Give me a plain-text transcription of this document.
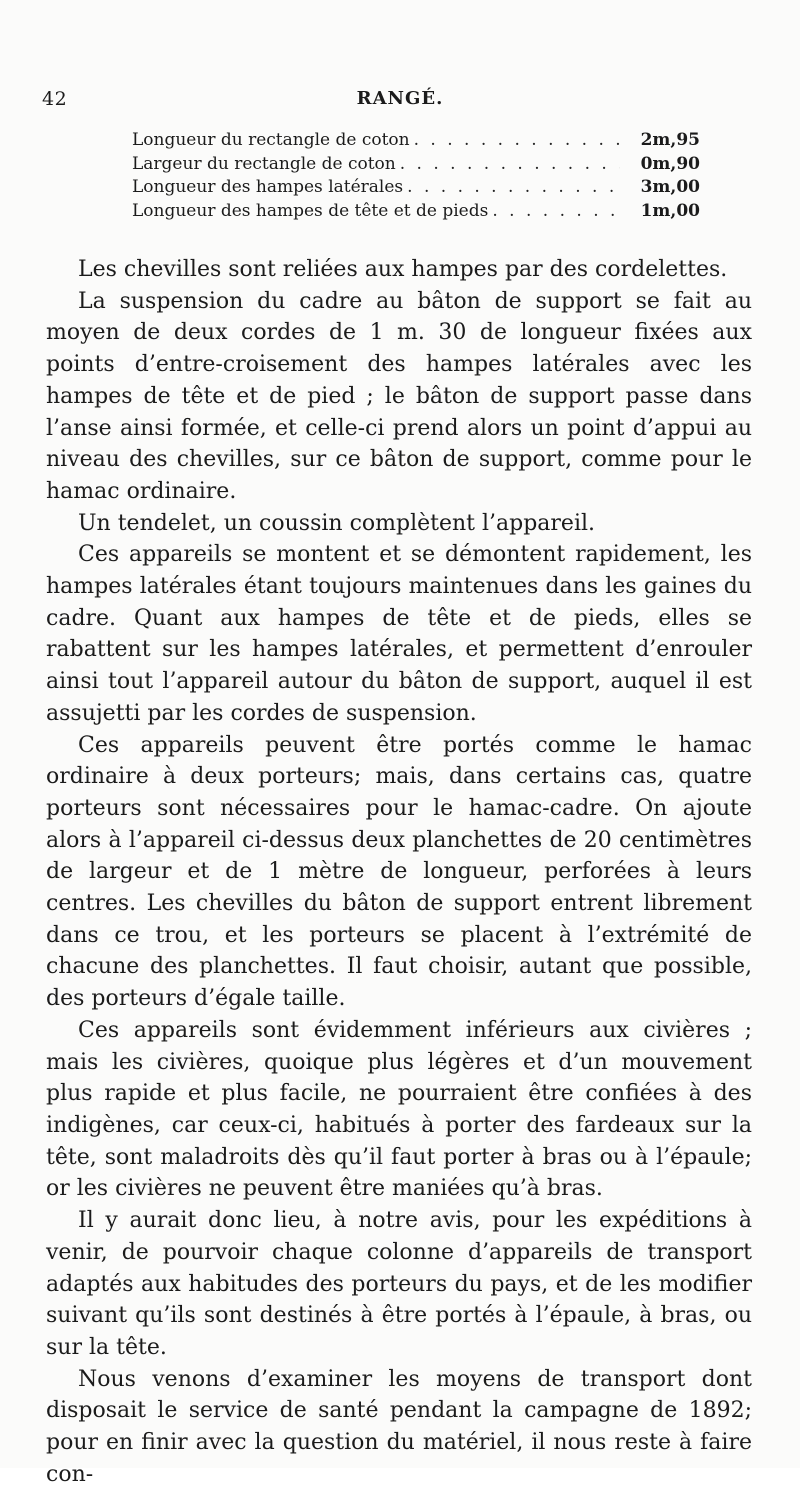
42	RANGÉ.
Longueur du rectangle de coton . . .	2m,95
Largeur du rectangle de coton . . .	0m,90
Longueur des hampes latérales . . .	3m,00
Longueur des hampes de tête et de pieds . . .	1m,00

Les chevilles sont reliées aux hampes par des cordelettes.

La suspension du cadre au bâton de support se fait au moyen de deux cordes de 1 m. 30 de longueur fixées aux points d’entre-croisement des hampes latérales avec les hampes de tête et de pied ; le bâton de support passe dans l’anse ainsi formée, et celle-ci prend alors un point d’appui au niveau des chevilles, sur ce bâton de support, comme pour le hamac ordinaire.

Un tendelet, un coussin complètent l’appareil.

Ces appareils se montent et se démontent rapidement, les hampes latérales étant toujours maintenues dans les gaines du cadre. Quant aux hampes de tête et de pieds, elles se rabattent sur les hampes latérales, et permettent d’enrouler ainsi tout l’appareil autour du bâton de support, auquel il est assujetti par les cordes de suspension.

Ces appareils peuvent être portés comme le hamac ordinaire à deux porteurs; mais, dans certains cas, quatre porteurs sont nécessaires pour le hamac-cadre. On ajoute alors à l’appareil ci-dessus deux planchettes de 20 centimètres de largeur et de 1 mètre de longueur, perforées à leurs centres. Les chevilles du bâton de support entrent librement dans ce trou, et les porteurs se placent à l’extrémité de chacune des planchettes. Il faut choisir, autant que possible, des porteurs d’égale taille.

Ces appareils sont évidemment inférieurs aux civières ; mais les civières, quoique plus légères et d’un mouvement plus rapide et plus facile, ne pourraient être confiées à des indigènes, car ceux-ci, habitués à porter des fardeaux sur la tête, sont maladroits dès qu’il faut porter à bras ou à l’épaule; or les civières ne peuvent être maniées qu’à bras.

Il y aurait donc lieu, à notre avis, pour les expéditions à venir, de pourvoir chaque colonne d’appareils de transport adaptés aux habitudes des porteurs du pays, et de les modifier suivant qu’ils sont destinés à être portés à l’épaule, à bras, ou sur la tête.

Nous venons d’examiner les moyens de transport dont disposait le service de santé pendant la campagne de 1892; pour en finir avec la question du matériel, il nous reste à faire con-
